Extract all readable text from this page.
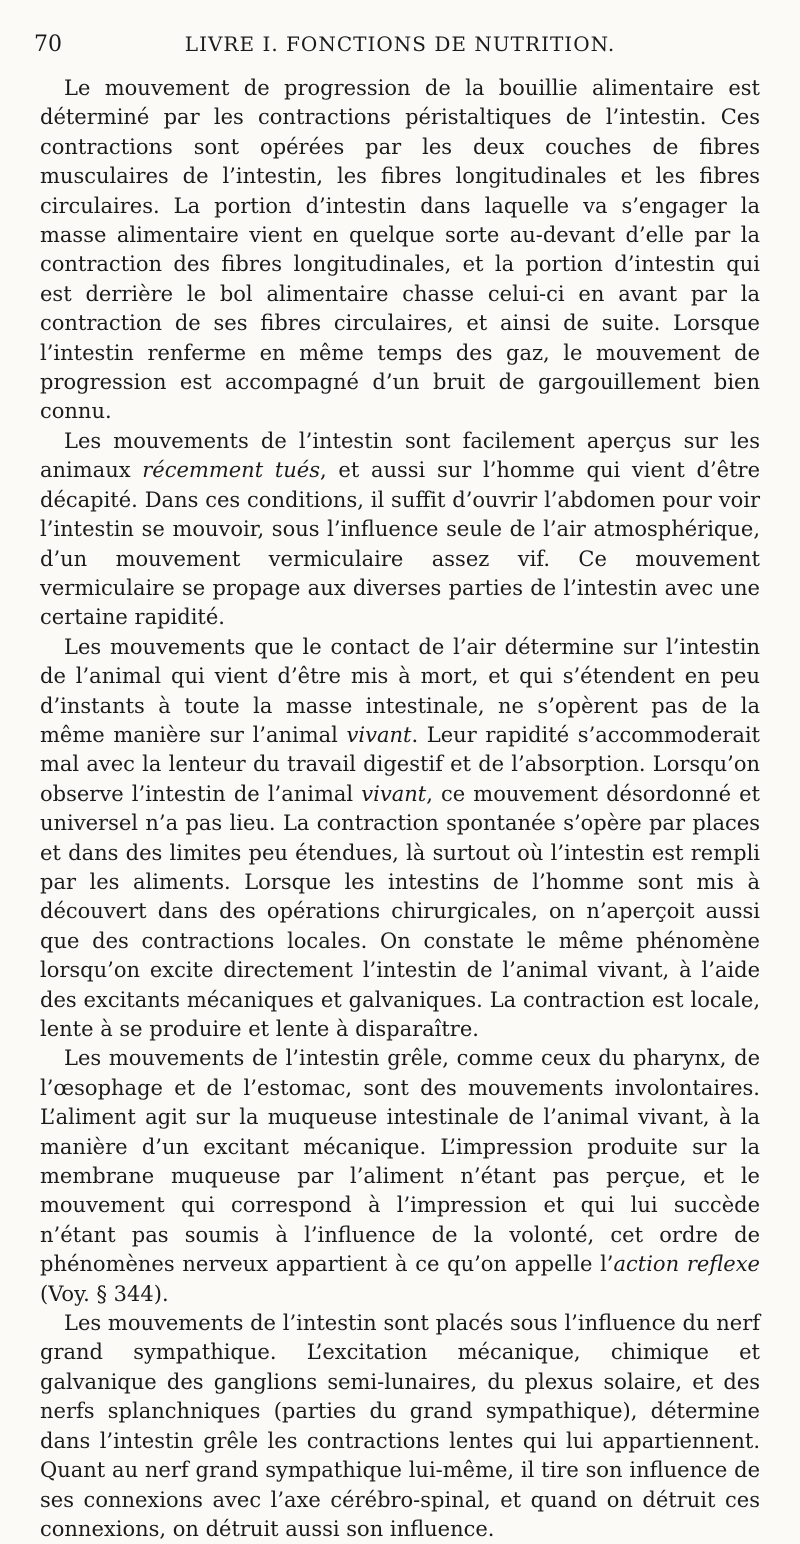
70	LIVRE I. FONCTIONS DE NUTRITION.

Le mouvement de progression de la bouillie alimentaire est déterminé par les contractions péristaltiques de l’intestin. Ces contractions sont opérées par les deux couches de fibres musculaires de l’intestin, les fibres longitudinales et les fibres circulaires. La portion d’intestin dans laquelle va s’engager la masse alimentaire vient en quelque sorte au-devant d’elle par la contraction des fibres longitudinales, et la portion d’intestin qui est derrière le bol alimentaire chasse celui-ci en avant par la contraction de ses fibres circulaires, et ainsi de suite. Lorsque l’intestin renferme en même temps des gaz, le mouvement de progression est accompagné d’un bruit de gargouillement bien connu.

Les mouvements de l’intestin sont facilement aperçus sur les animaux récemment tués, et aussi sur l’homme qui vient d’être décapité. Dans ces conditions, il suffit d’ouvrir l’abdomen pour voir l’intestin se mouvoir, sous l’influence seule de l’air atmosphérique, d’un mouvement vermiculaire assez vif. Ce mouvement vermiculaire se propage aux diverses parties de l’intestin avec une certaine rapidité.

Les mouvements que le contact de l’air détermine sur l’intestin de l’animal qui vient d’être mis à mort, et qui s’étendent en peu d’instants à toute la masse intestinale, ne s’opèrent pas de la même manière sur l’animal vivant. Leur rapidité s’accommoderait mal avec la lenteur du travail digestif et de l’absorption. Lorsqu’on observe l’intestin de l’animal vivant, ce mouvement désordonné et universel n’a pas lieu. La contraction spontanée s’opère par places et dans des limites peu étendues, là surtout où l’intestin est rempli par les aliments. Lorsque les intestins de l’homme sont mis à découvert dans des opérations chirurgicales, on n’aperçoit aussi que des contractions locales. On constate le même phénomène lorsqu’on excite directement l’intestin de l’animal vivant, à l’aide des excitants mécaniques et galvaniques. La contraction est locale, lente à se produire et lente à disparaître.

Les mouvements de l’intestin grêle, comme ceux du pharynx, de l’œsophage et de l’estomac, sont des mouvements involontaires. L’aliment agit sur la muqueuse intestinale de l’animal vivant, à la manière d’un excitant mécanique. L’impression produite sur la membrane muqueuse par l’aliment n’étant pas perçue, et le mouvement qui correspond à l’impression et qui lui succède n’étant pas soumis à l’influence de la volonté, cet ordre de phénomènes nerveux appartient à ce qu’on appelle l’action reflexe (Voy. § 344).

Les mouvements de l’intestin sont placés sous l’influence du nerf grand sympathique. L’excitation mécanique, chimique et galvanique des ganglions semi-lunaires, du plexus solaire, et des nerfs splanchniques (parties du grand sympathique), détermine dans l’intestin grêle les contractions lentes qui lui appartiennent. Quant au nerf grand sympathique lui-même, il tire son influence de ses connexions avec l’axe cérébro-spinal, et quand on détruit ces connexions, on détruit aussi son influence.
